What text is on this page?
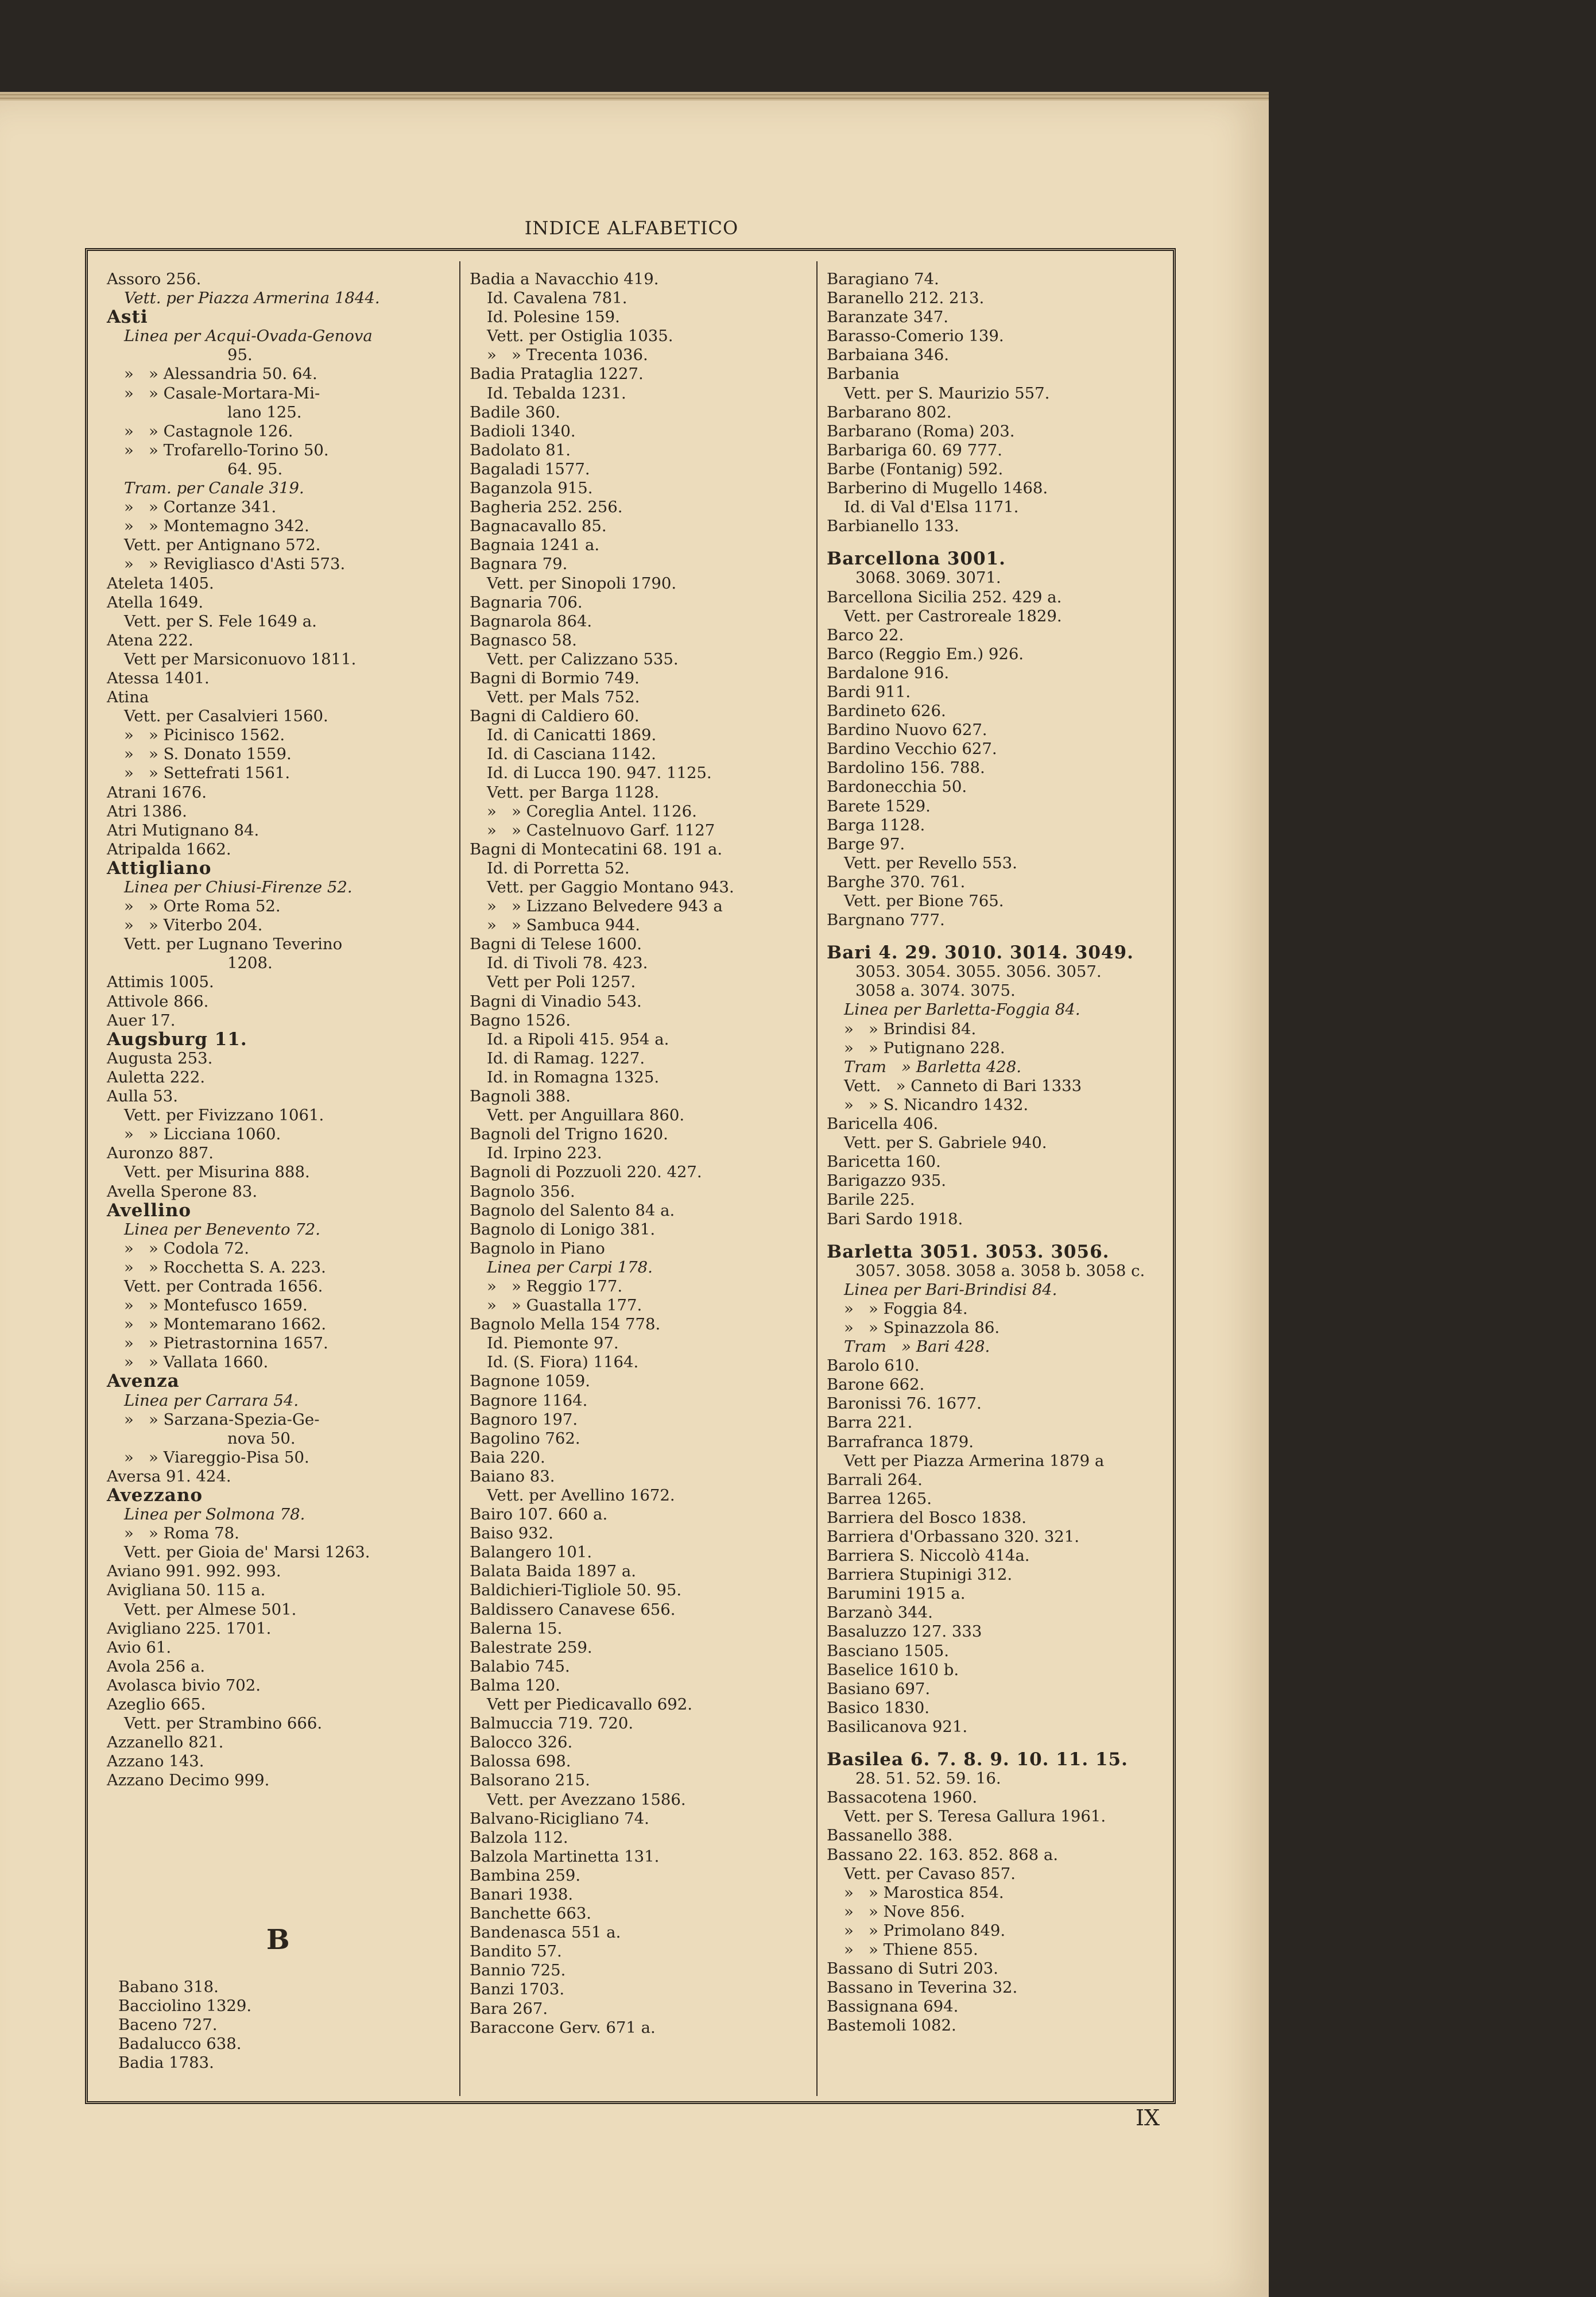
INDICE ALFABETICO
Assoro 256.
Vett. per Piazza Armerina 1844.
Asti
Linea per Acqui-Ovada-Genova
95.
»   » Alessandria 50. 64.
»   » Casale-Mortara-Mi-
lano 125.
»   » Castagnole 126.
»   » Trofarello-Torino 50.
64. 95.
Tram. per Canale 319.
»   » Cortanze 341.
»   » Montemagno 342.
Vett. per Antignano 572.
»   » Revigliasco d'Asti 573.
Ateleta 1405.
Atella 1649.
Vett. per S. Fele 1649 a.
Atena 222.
Vett per Marsiconuovo 1811.
Atessa 1401.
Atina
Vett. per Casalvieri 1560.
»   » Picinisco 1562.
»   » S. Donato 1559.
»   » Settefrati 1561.
Atrani 1676.
Atri 1386.
Atri Mutignano 84.
Atripalda 1662.
Attigliano
Linea per Chiusi-Firenze 52.
»   » Orte Roma 52.
»   » Viterbo 204.
Vett. per Lugnano Teverino
1208.
Attimis 1005.
Attivole 866.
Auer 17.
Augsburg 11.
Augusta 253.
Auletta 222.
Aulla 53.
Vett. per Fivizzano 1061.
»   » Licciana 1060.
Auronzo 887.
Vett. per Misurina 888.
Avella Sperone 83.
Avellino
Linea per Benevento 72.
»   » Codola 72.
»   » Rocchetta S. A. 223.
Vett. per Contrada 1656.
»   » Montefusco 1659.
»   » Montemarano 1662.
»   » Pietrastornina 1657.
»   » Vallata 1660.
Avenza
Linea per Carrara 54.
»   » Sarzana-Spezia-Ge-
nova 50.
»   » Viareggio-Pisa 50.
Aversa 91. 424.
Avezzano
Linea per Solmona 78.
»   » Roma 78.
Vett. per Gioia de' Marsi 1263.
Aviano 991. 992. 993.
Avigliana 50. 115 a.
Vett. per Almese 501.
Avigliano 225. 1701.
Avio 61.
Avola 256 a.
Avolasca bivio 702.
Azeglio 665.
Vett. per Strambino 666.
Azzanello 821.
Azzano 143.
Azzano Decimo 999.
Badia a Navacchio 419.
Id. Cavalena 781.
Id. Polesine 159.
Vett. per Ostiglia 1035.
»   » Trecenta 1036.
Badia Prataglia 1227.
Id. Tebalda 1231.
Badile 360.
Badioli 1340.
Badolato 81.
Bagaladi 1577.
Baganzola 915.
Bagheria 252. 256.
Bagnacavallo 85.
Bagnaia 1241 a.
Bagnara 79.
Vett. per Sinopoli 1790.
Bagnaria 706.
Bagnarola 864.
Bagnasco 58.
Vett. per Calizzano 535.
Bagni di Bormio 749.
Vett. per Mals 752.
Bagni di Caldiero 60.
Id. di Canicatti 1869.
Id. di Casciana 1142.
Id. di Lucca 190. 947. 1125.
Vett. per Barga 1128.
»   » Coreglia Antel. 1126.
»   » Castelnuovo Garf. 1127
Bagni di Montecatini 68. 191 a.
Id. di Porretta 52.
Vett. per Gaggio Montano 943.
»   » Lizzano Belvedere 943 a
»   » Sambuca 944.
Bagni di Telese 1600.
Id. di Tivoli 78. 423.
Vett per Poli 1257.
Bagni di Vinadio 543.
Bagno 1526.
Id. a Ripoli 415. 954 a.
Id. di Ramag. 1227.
Id. in Romagna 1325.
Bagnoli 388.
Vett. per Anguillara 860.
Bagnoli del Trigno 1620.
Id. Irpino 223.
Bagnoli di Pozzuoli 220. 427.
Bagnolo 356.
Bagnolo del Salento 84 a.
Bagnolo di Lonigo 381.
Bagnolo in Piano
Linea per Carpi 178.
»   » Reggio 177.
»   » Guastalla 177.
Bagnolo Mella 154 778.
Id. Piemonte 97.
Id. (S. Fiora) 1164.
Bagnone 1059.
Bagnore 1164.
Bagnoro 197.
Bagolino 762.
Baia 220.
Baiano 83.
Vett. per Avellino 1672.
Bairo 107. 660 a.
Baiso 932.
Balangero 101.
Balata Baida 1897 a.
Baldichieri-Tigliole 50. 95.
Baldissero Canavese 656.
Balerna 15.
Balestrate 259.
Balabio 745.
Balma 120.
Vett per Piedicavallo 692.
Balmuccia 719. 720.
Balocco 326.
Balossa 698.
Balsorano 215.
Vett. per Avezzano 1586.
Balvano-Ricigliano 74.
Balzola 112.
Balzola Martinetta 131.
Bambina 259.
Banari 1938.
Banchette 663.
Bandenasca 551 a.
Bandito 57.
Bannio 725.
Banzi 1703.
Bara 267.
Baraccone Gerv. 671 a.
Baragiano 74.
Baranello 212. 213.
Baranzate 347.
Barasso-Comerio 139.
Barbaiana 346.
Barbania
Vett. per S. Maurizio 557.
Barbarano 802.
Barbarano (Roma) 203.
Barbariga 60. 69 777.
Barbe (Fontanig) 592.
Barberino di Mugello 1468.
Id. di Val d'Elsa 1171.
Barbianello 133.
Barcellona 3001.
3068. 3069. 3071.
Barcellona Sicilia 252. 429 a.
Vett. per Castroreale 1829.
Barco 22.
Barco (Reggio Em.) 926.
Bardalone 916.
Bardi 911.
Bardineto 626.
Bardino Nuovo 627.
Bardino Vecchio 627.
Bardolino 156. 788.
Bardonecchia 50.
Barete 1529.
Barga 1128.
Barge 97.
Vett. per Revello 553.
Barghe 370. 761.
Vett. per Bione 765.
Bargnano 777.
Bari 4. 29. 3010. 3014. 3049.
3053. 3054. 3055. 3056. 3057.
3058 a. 3074. 3075.
Linea per Barletta-Foggia 84.
»   » Brindisi 84.
»   » Putignano 228.
Tram   » Barletta 428.
Vett.   » Canneto di Bari 1333
»   » S. Nicandro 1432.
Baricella 406.
Vett. per S. Gabriele 940.
Baricetta 160.
Barigazzo 935.
Barile 225.
Bari Sardo 1918.
Barletta 3051. 3053. 3056.
3057. 3058. 3058 a. 3058 b. 3058 c.
Linea per Bari-Brindisi 84.
»   » Foggia 84.
»   » Spinazzola 86.
Tram   » Bari 428.
Barolo 610.
Barone 662.
Baronissi 76. 1677.
Barra 221.
Barrafranca 1879.
Vett per Piazza Armerina 1879 a
Barrali 264.
Barrea 1265.
Barriera del Bosco 1838.
Barriera d'Orbassano 320. 321.
Barriera S. Niccolò 414a.
Barriera Stupinigi 312.
Barumini 1915 a.
Barzanò 344.
Basaluzzo 127. 333
Basciano 1505.
Baselice 1610 b.
Basiano 697.
Basico 1830.
Basilicanova 921.
Basilea 6. 7. 8. 9. 10. 11. 15.
28. 51. 52. 59. 16.
Bassacotena 1960.
Vett. per S. Teresa Gallura 1961.
Bassanello 388.
Bassano 22. 163. 852. 868 a.
Vett. per Cavaso 857.
»   » Marostica 854.
»   » Nove 856.
»   » Primolano 849.
»   » Thiene 855.
Bassano di Sutri 203.
Bassano in Teverina 32.
Bassignana 694.
Bastemoli 1082.
B
Babano 318.
Bacciolino 1329.
Baceno 727.
Badalucco 638.
Badia 1783.
IX
